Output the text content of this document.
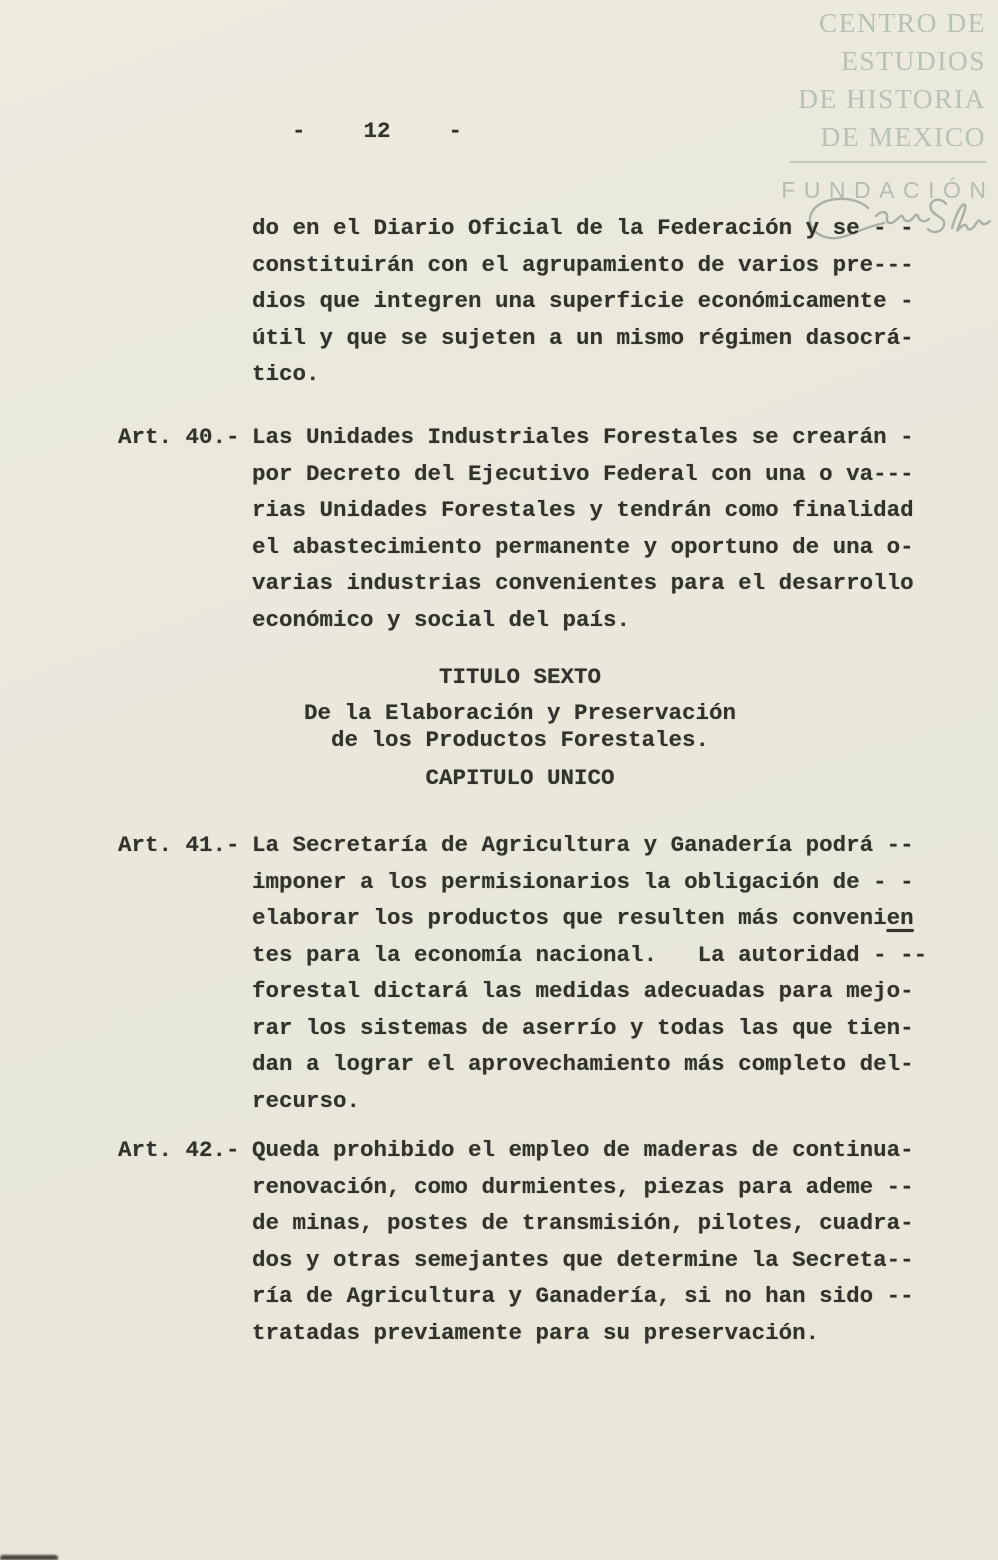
CENTRO DE
ESTUDIOS
DE HISTORIA
DE MEXICO
FUNDACIÓN
-	12	-
do en el Diario Oficial de la Federación y se - -
constituirán con el agrupamiento de varios pre---
dios que integren una superficie económicamente -
útil y que se sujeten a un mismo régimen dasocrá-
tico.
Art. 40.- Las Unidades Industriales Forestales se crearán -
por Decreto del Ejecutivo Federal con una o va---
rias Unidades Forestales y tendrán como finalidad
el abastecimiento permanente y oportuno de una o-
varias industrias convenientes para el desarrollo
económico y social del país.
TITULO SEXTO
De la Elaboración y Preservación
de los Productos Forestales.
CAPITULO UNICO
Art. 41.- La Secretaría de Agricultura y Ganadería podrá --
imponer a los permisionarios la obligación de - -
elaborar los productos que resulten más convenien
tes para la economía nacional.   La autoridad - --
forestal dictará las medidas adecuadas para mejo-
rar los sistemas de aserrío y todas las que tien-
dan a lograr el aprovechamiento más completo del-
recurso.
Art. 42.- Queda prohibido el empleo de maderas de continua-
renovación, como durmientes, piezas para ademe --
de minas, postes de transmisión, pilotes, cuadra-
dos y otras semejantes que determine la Secreta--
ría de Agricultura y Ganadería, si no han sido --
tratadas previamente para su preservación.
